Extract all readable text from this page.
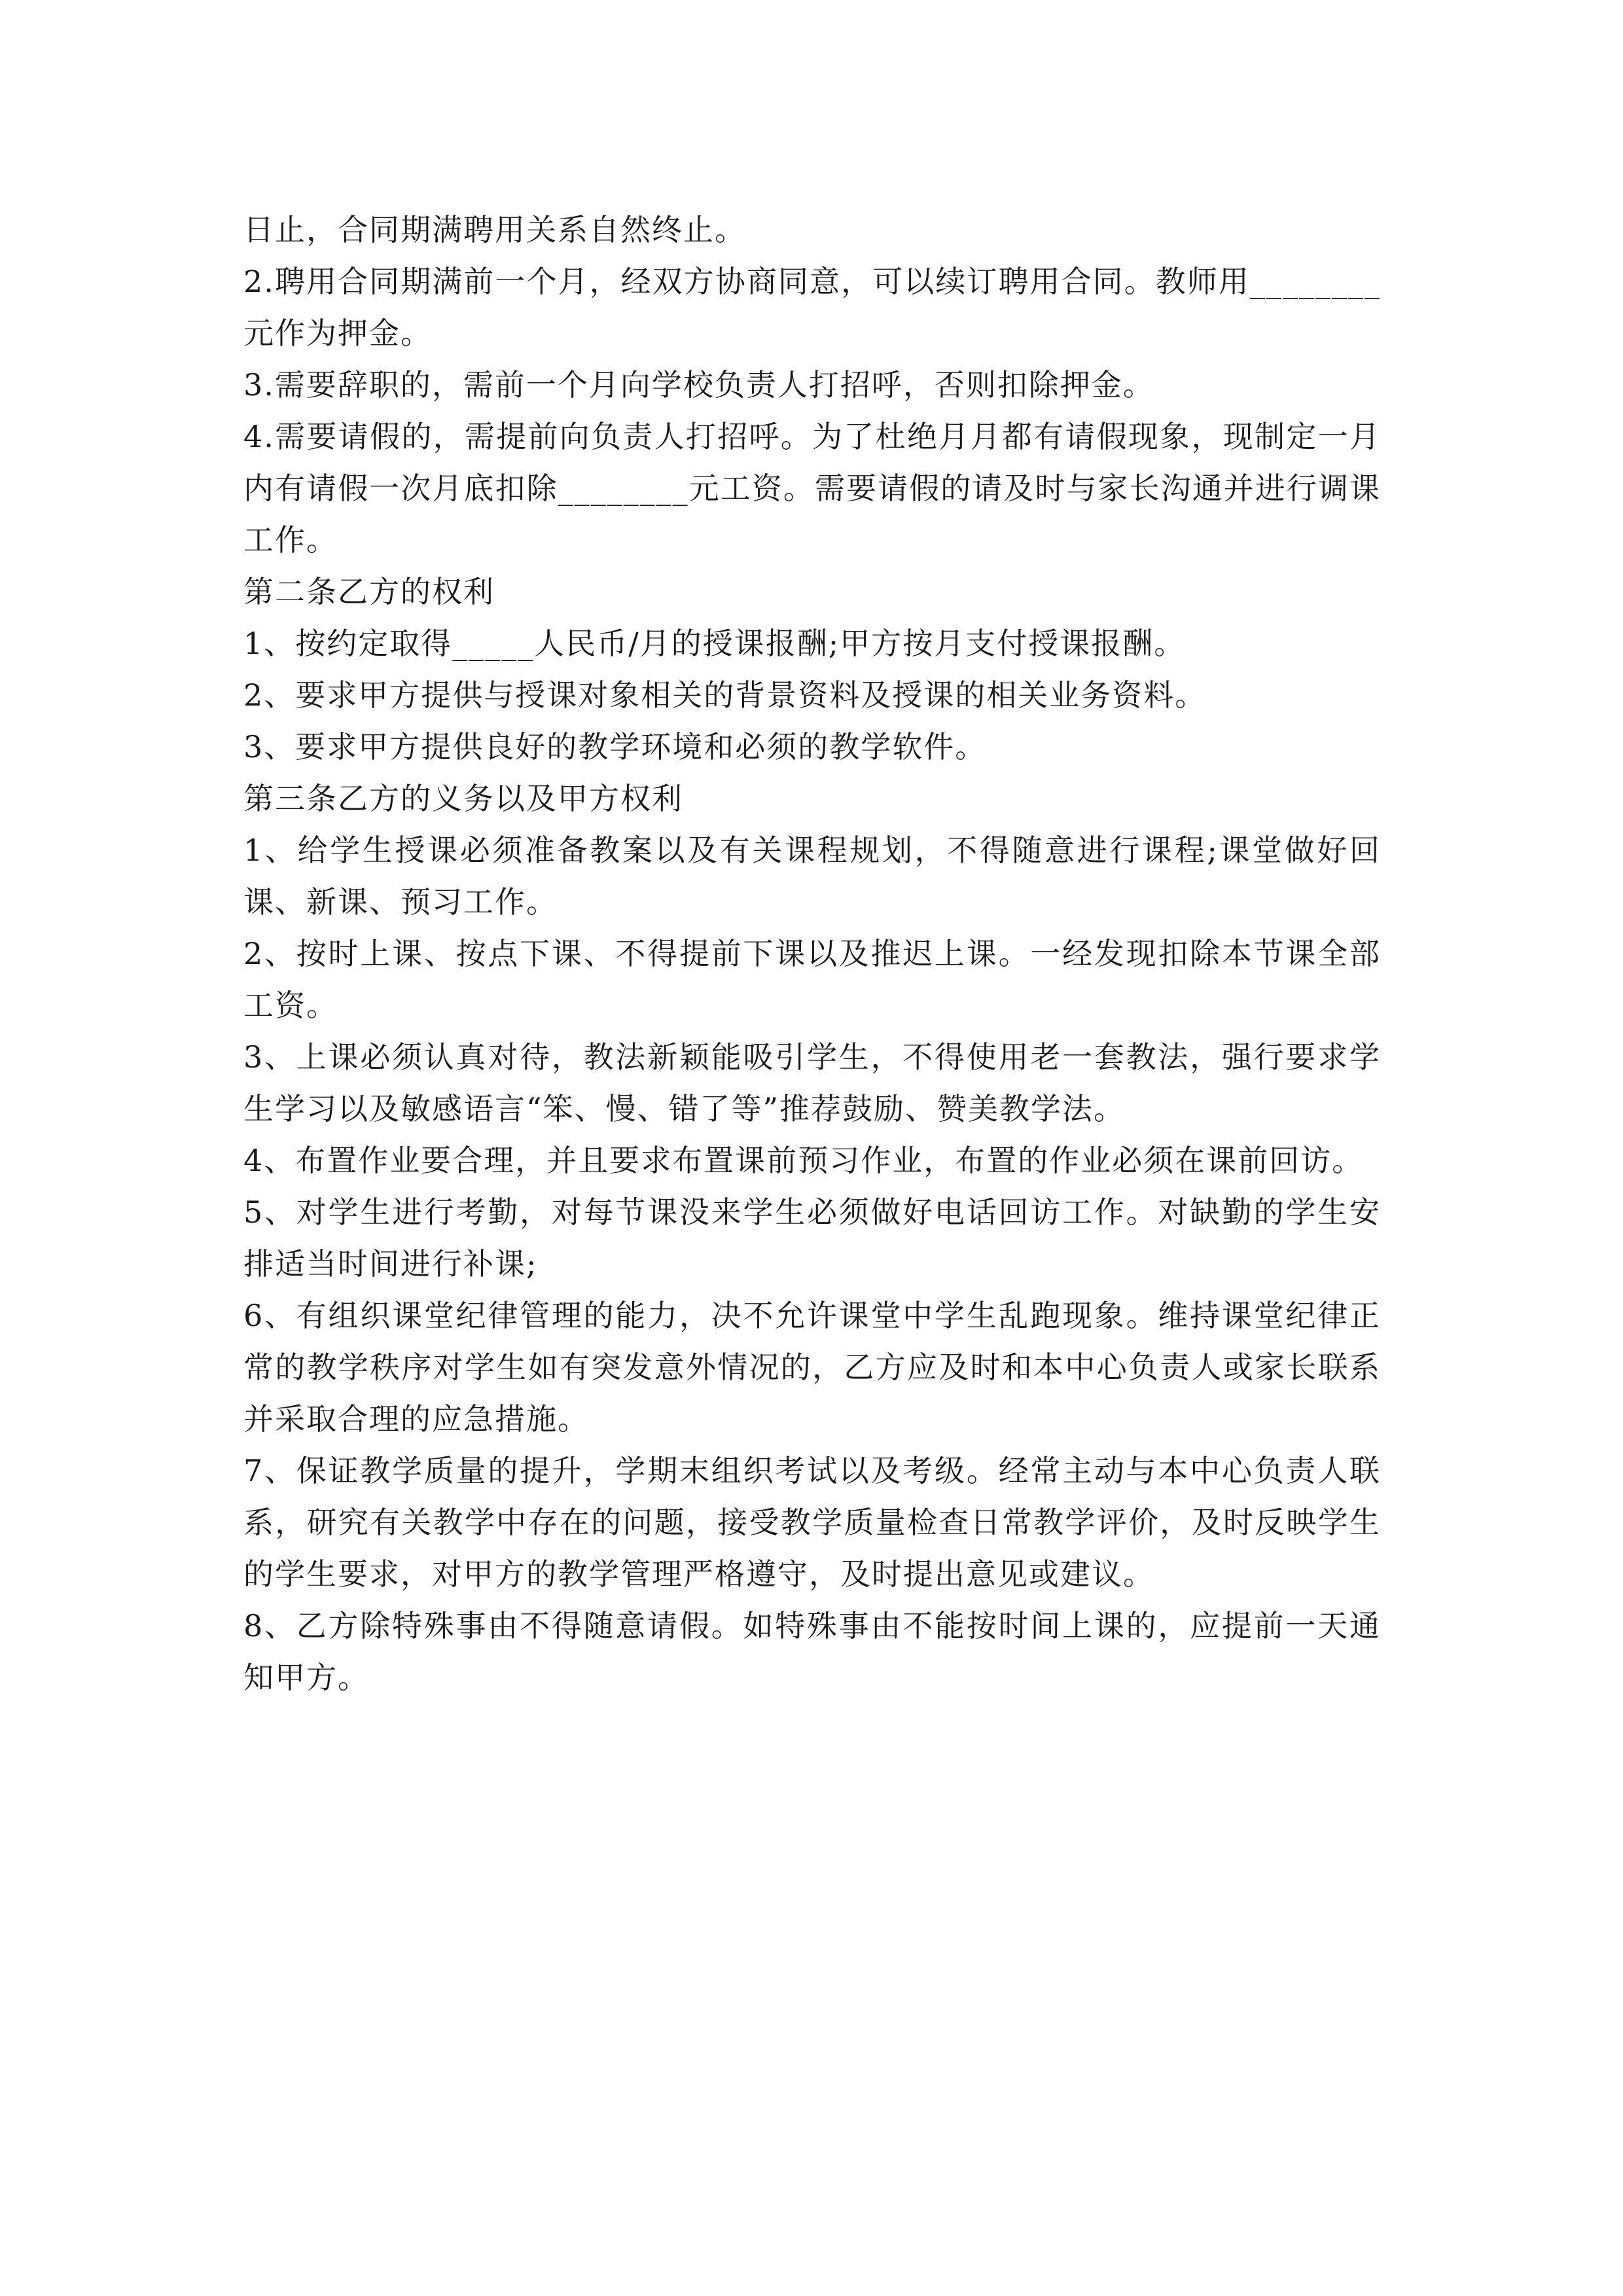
日止，合同期满聘用关系自然终止。

2.聘用合同期满前一个月，经双方协商同意，可以续订聘用合同。教师用________元作为押金。

3.需要辞职的，需前一个月向学校负责人打招呼，否则扣除押金。

4.需要请假的，需提前向负责人打招呼。为了杜绝月月都有请假现象，现制定一月内有请假一次月底扣除________元工资。需要请假的请及时与家长沟通并进行调课工作。

第二条乙方的权利

1、按约定取得_____人民币/月的授课报酬;甲方按月支付授课报酬。

2、要求甲方提供与授课对象相关的背景资料及授课的相关业务资料。

3、要求甲方提供良好的教学环境和必须的教学软件。

第三条乙方的义务以及甲方权利

1、给学生授课必须准备教案以及有关课程规划，不得随意进行课程;课堂做好回课、新课、预习工作。

2、按时上课、按点下课、不得提前下课以及推迟上课。一经发现扣除本节课全部工资。

3、上课必须认真对待，教法新颖能吸引学生，不得使用老一套教法，强行要求学生学习以及敏感语言“笨、慢、错了等”推荐鼓励、赞美教学法。

4、布置作业要合理，并且要求布置课前预习作业，布置的作业必须在课前回访。

5、对学生进行考勤，对每节课没来学生必须做好电话回访工作。对缺勤的学生安排适当时间进行补课;

6、有组织课堂纪律管理的能力，决不允许课堂中学生乱跑现象。维持课堂纪律正常的教学秩序对学生如有突发意外情况的，乙方应及时和本中心负责人或家长联系并采取合理的应急措施。

7、保证教学质量的提升，学期末组织考试以及考级。经常主动与本中心负责人联系，研究有关教学中存在的问题，接受教学质量检查日常教学评价，及时反映学生的学生要求，对甲方的教学管理严格遵守，及时提出意见或建议。

8、乙方除特殊事由不得随意请假。如特殊事由不能按时间上课的，应提前一天通知甲方。
